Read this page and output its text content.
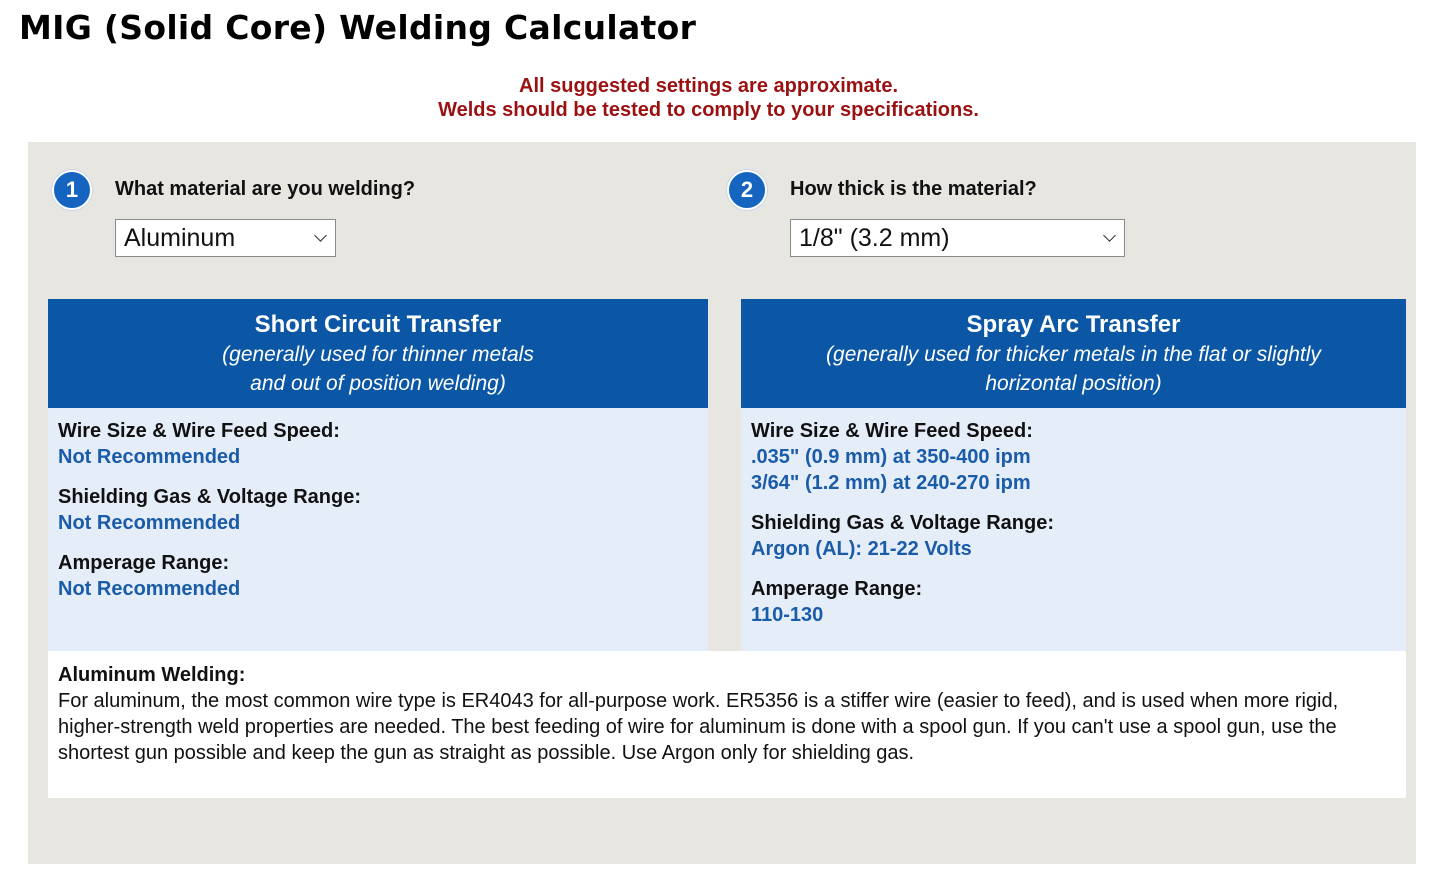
MIG (Solid Core) Welding Calculator
All suggested settings are approximate.
Welds should be tested to comply to your specifications.
1	What material are you welding?
Aluminum
2	How thick is the material?
1/8" (3.2 mm)
Short Circuit Transfer
(generally used for thinner metals
and out of position welding)
Wire Size & Wire Feed Speed:
Not Recommended
Shielding Gas & Voltage Range:
Not Recommended
Amperage Range:
Not Recommended
Spray Arc Transfer
(generally used for thicker metals in the flat or slightly
horizontal position)
Wire Size & Wire Feed Speed:
.035" (0.9 mm) at 350-400 ipm
3/64" (1.2 mm) at 240-270 ipm
Shielding Gas & Voltage Range:
Argon (AL): 21-22 Volts
Amperage Range:
110-130
Aluminum Welding:
For aluminum, the most common wire type is ER4043 for all-purpose work. ER5356 is a stiffer wire (easier to feed), and is used when more rigid, higher-strength weld properties are needed. The best feeding of wire for aluminum is done with a spool gun. If you can't use a spool gun, use the shortest gun possible and keep the gun as straight as possible. Use Argon only for shielding gas.
